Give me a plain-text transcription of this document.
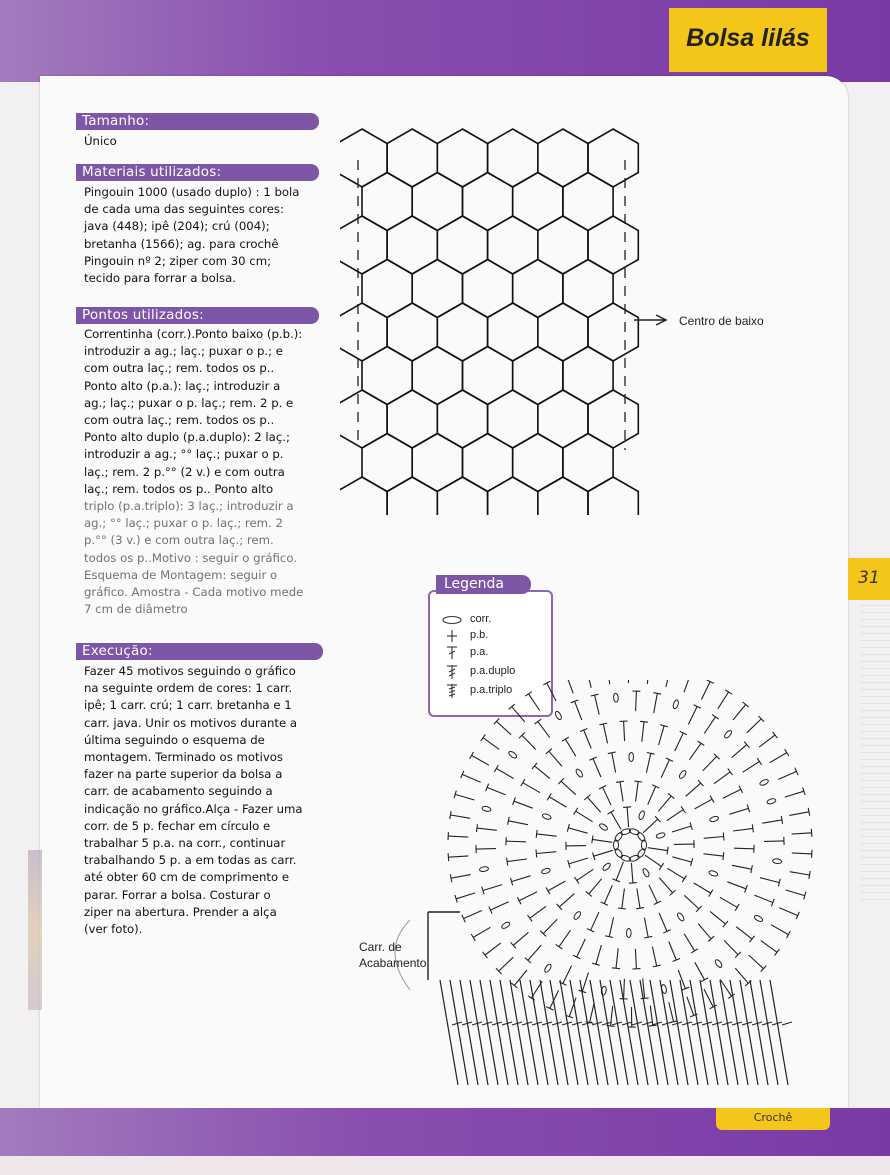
Bolsa lilás
Crochê
31
Tamanho:

Único

Materiais utilizados:

Pingouin 1000 (usado duplo) : 1 bola

de cada uma das seguintes cores:

java (448); ipê (204); crú (004);

bretanha (1566); ag. para crochê

Pingouin nº 2; ziper com 30 cm;

tecido para forrar a bolsa.

Pontos utilizados:

Correntinha (corr.).Ponto baixo (p.b.):

introduzir a ag.; laç.; puxar o p.; e

com outra laç.; rem. todos os p..

Ponto alto (p.a.): laç.; introduzir a

ag.; laç.; puxar o p. laç.; rem. 2 p. e

com outra laç.; rem. todos os p..

Ponto alto duplo (p.a.duplo): 2 laç.;

introduzir a ag.; °° laç.; puxar o p.

laç.; rem. 2 p.°° (2 v.) e com outra

laç.; rem. todos os p.. Ponto alto

triplo (p.a.triplo): 3 laç.; introduzir a

ag.; °° laç.; puxar o p. laç.; rem. 2

p.°° (3 v.) e com outra laç.; rem.

todos os p..Motivo : seguir o gráfico.

Esquema de Montagem: seguir o

gráfico. Amostra - Cada motivo mede

7 cm de diâmetro

Execução:

Fazer 45 motivos seguindo o gráfico

na seguinte ordem de cores: 1 carr.

ipê; 1 carr. crú; 1 carr. bretanha e 1

carr. java. Unir os motivos durante a

última seguindo o esquema de

montagem. Terminado os motivos

fazer na parte superior da bolsa a

carr. de acabamento seguindo a

indicação no gráfico.Alça - Fazer uma

corr. de 5 p. fechar em círculo e

trabalhar 5 p.a. na corr., continuar

trabalhando 5 p. a em todas as carr.

até obter 60 cm de comprimento e

parar. Forrar a bolsa. Costurar o

ziper na abertura. Prender a alça

(ver foto).

Centro de baixo
Legenda
corr.
p.b.
p.a.
p.a.duplo
p.a.triplo
Carr. de
Acabamento
